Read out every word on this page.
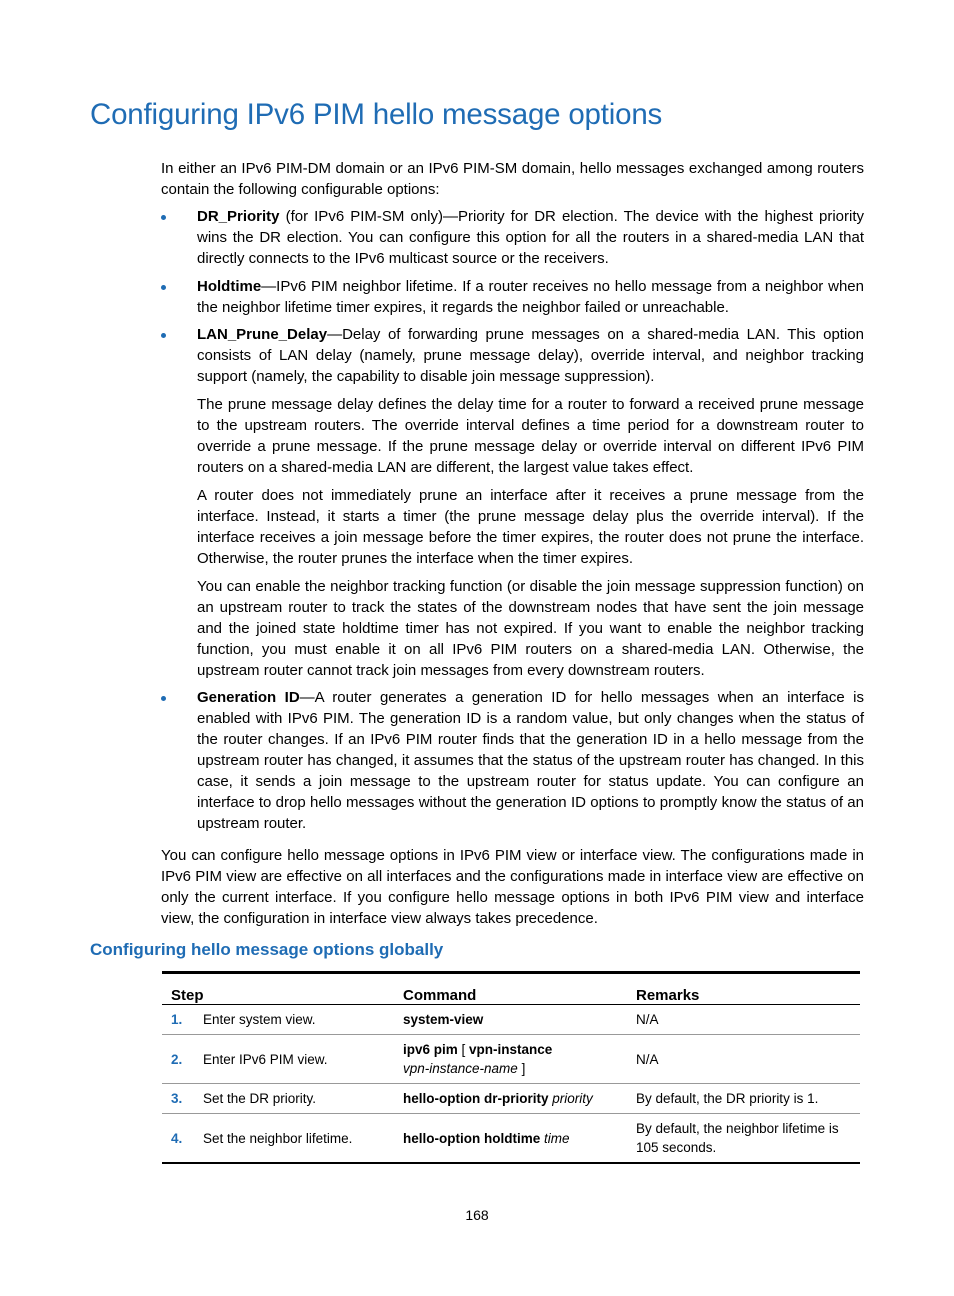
Configuring IPv6 PIM hello message options

In either an IPv6 PIM-DM domain or an IPv6 PIM-SM domain, hello messages exchanged among routers contain the following configurable options:

DR_Priority (for IPv6 PIM-SM only)—Priority for DR election. The device with the highest priority wins the DR election. You can configure this option for all the routers in a shared-media LAN that directly connects to the IPv6 multicast source or the receivers.

Holdtime—IPv6 PIM neighbor lifetime. If a router receives no hello message from a neighbor when the neighbor lifetime timer expires, it regards the neighbor failed or unreachable.

LAN_Prune_Delay—Delay of forwarding prune messages on a shared-media LAN. This option consists of LAN delay (namely, prune message delay), override interval, and neighbor tracking support (namely, the capability to disable join message suppression).

The prune message delay defines the delay time for a router to forward a received prune message to the upstream routers. The override interval defines a time period for a downstream router to override a prune message. If the prune message delay or override interval on different IPv6 PIM routers on a shared-media LAN are different, the largest value takes effect.

A router does not immediately prune an interface after it receives a prune message from the interface. Instead, it starts a timer (the prune message delay plus the override interval). If the interface receives a join message before the timer expires, the router does not prune the interface. Otherwise, the router prunes the interface when the timer expires.

You can enable the neighbor tracking function (or disable the join message suppression function) on an upstream router to track the states of the downstream nodes that have sent the join message and the joined state holdtime timer has not expired. If you want to enable the neighbor tracking function, you must enable it on all IPv6 PIM routers on a shared-media LAN. Otherwise, the upstream router cannot track join messages from every downstream routers.

Generation ID—A router generates a generation ID for hello messages when an interface is enabled with IPv6 PIM. The generation ID is a random value, but only changes when the status of the router changes. If an IPv6 PIM router finds that the generation ID in a hello message from the upstream router has changed, it assumes that the status of the upstream router has changed. In this case, it sends a join message to the upstream router for status update. You can configure an interface to drop hello messages without the generation ID options to promptly know the status of an upstream router.

You can configure hello message options in IPv6 PIM view or interface view. The configurations made in IPv6 PIM view are effective on all interfaces and the configurations made in interface view are effective on only the current interface. If you configure hello message options in both IPv6 PIM view and interface view, the configuration in interface view always takes precedence.

Configuring hello message options globally
Step	Command	Remarks
1. Enter system view.	system-view	N/A
2. Enter IPv6 PIM view.	ipv6 pim [ vpn-instance
vpn-instance-name ]	N/A
3. Set the DR priority.	hello-option dr-priority priority	By default, the DR priority is 1.
4. Set the neighbor lifetime.	hello-option holdtime time	By default, the neighbor lifetime is 105 seconds.

168
